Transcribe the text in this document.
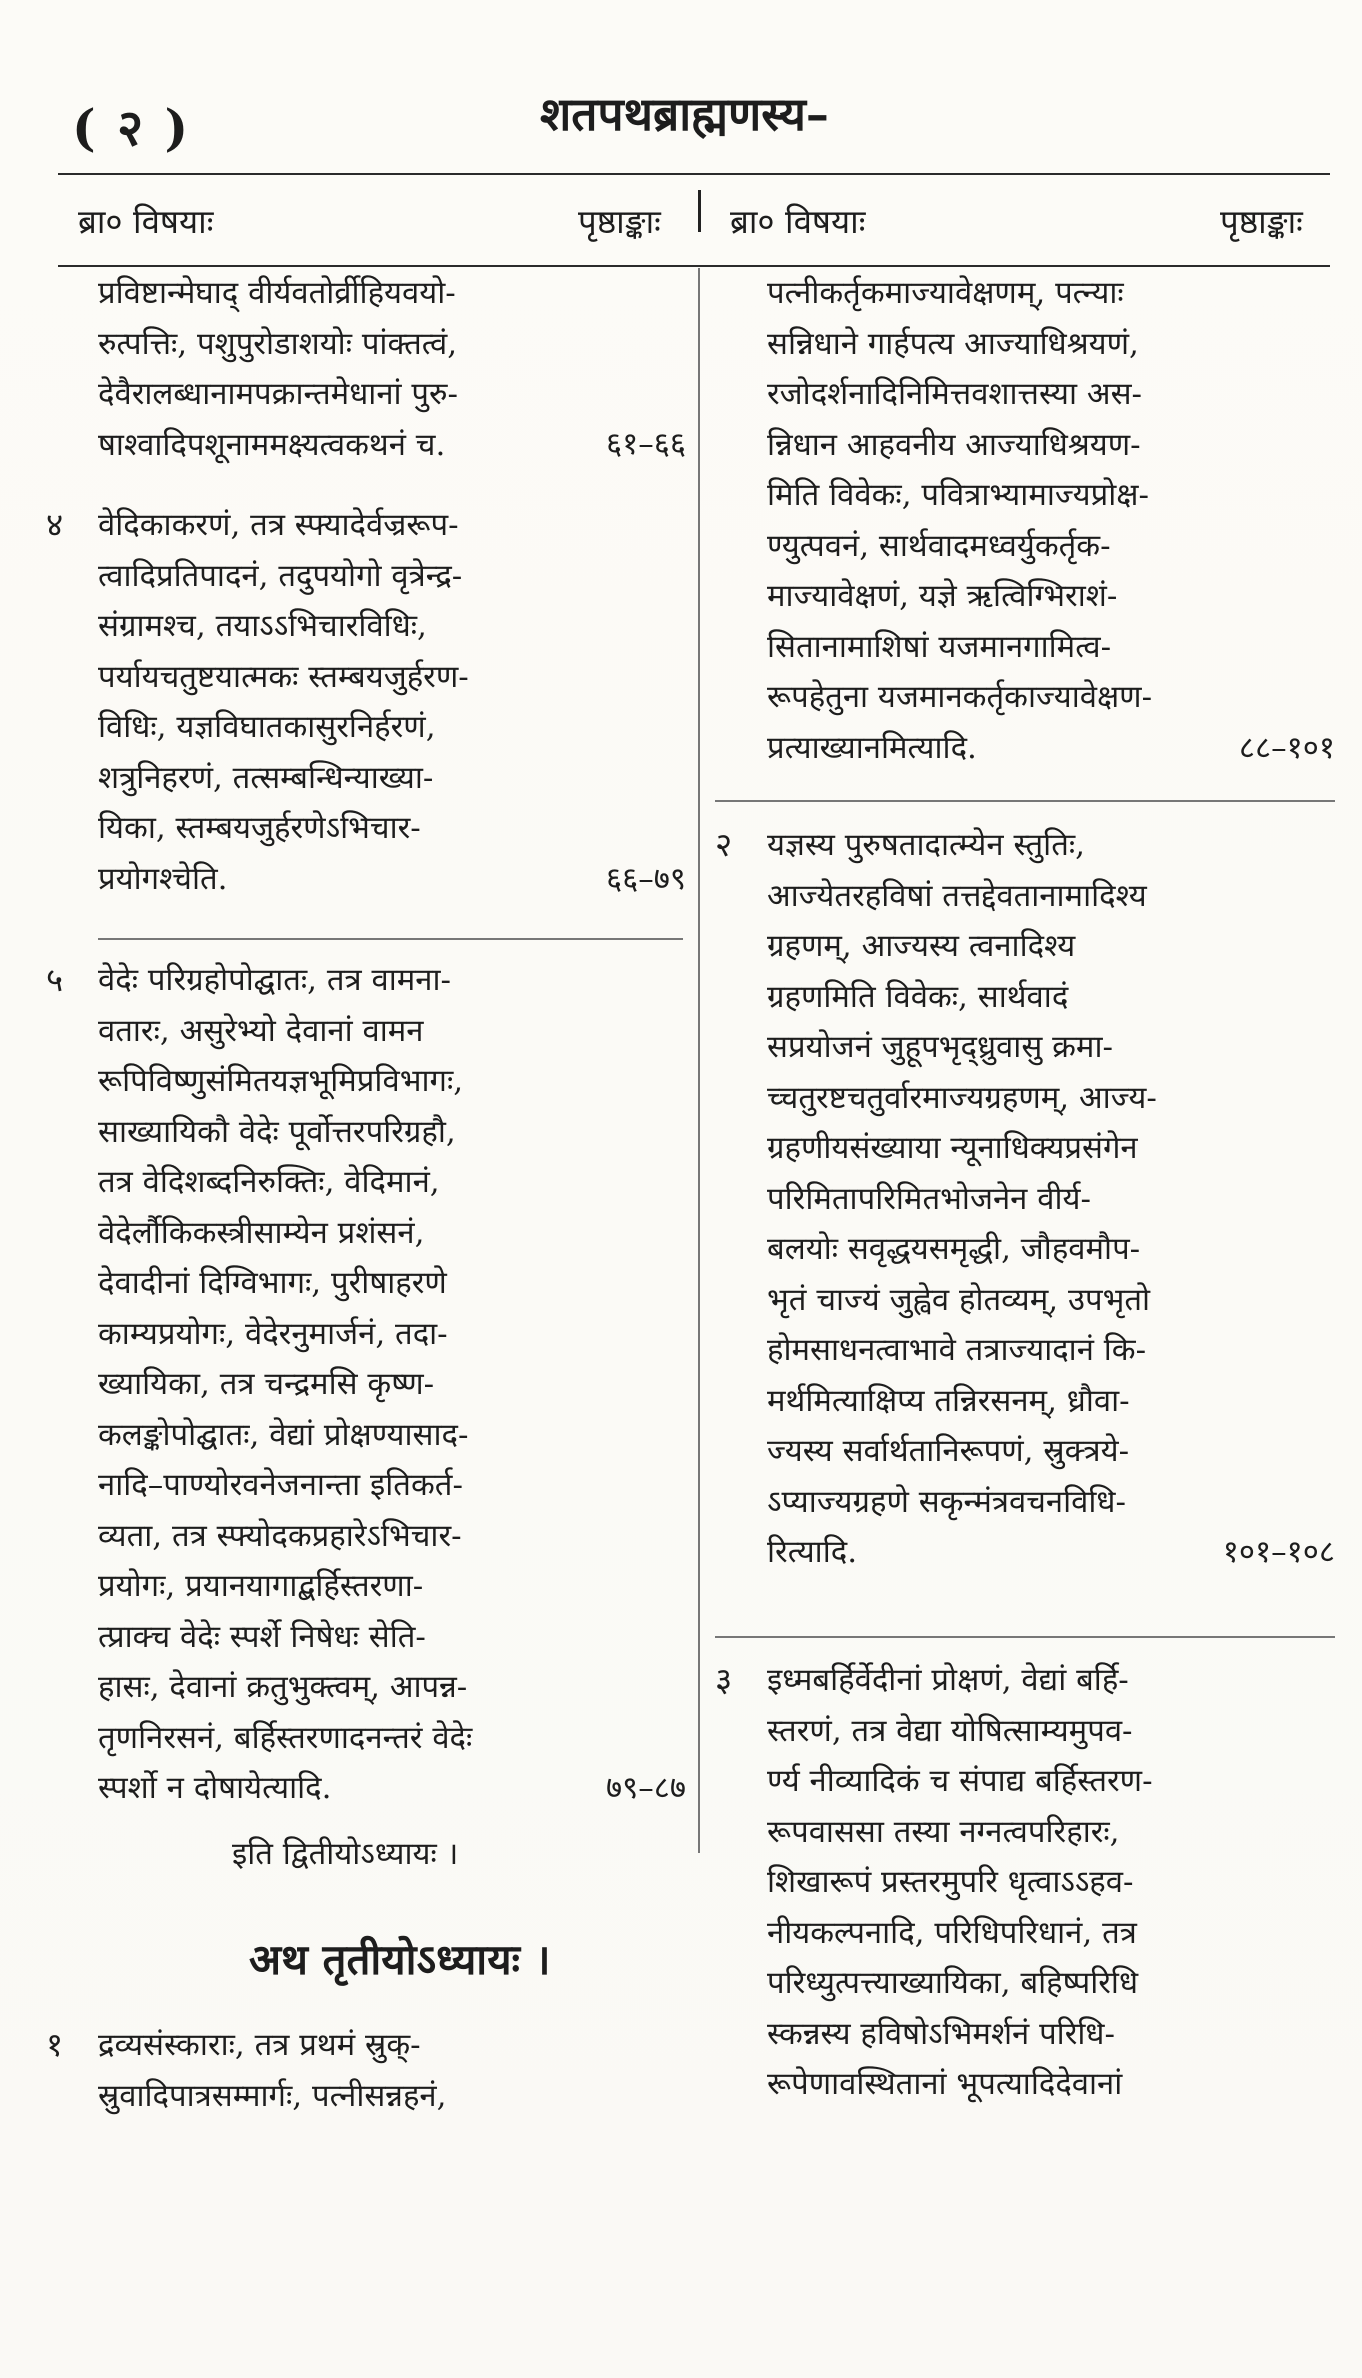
( २ )	शतपथब्राह्मणस्य–
ब्रा० विषयाः	पृष्ठाङ्काः ब्रा० विषयाः	पृष्ठाङ्काः
प्रविष्टान्मेघाद् वीर्यवतोर्व्रीहियवयो-
रुत्पत्तिः, पशुपुरोडाशयोः पांक्तत्वं,
देवैरालब्धानामपक्रान्तमेधानां पुरु-
षाश्वादिपशूनाममक्ष्यत्वकथनं च.	६१–६६
४	वेदिकाकरणं, तत्र स्फ्यादेर्वज्ररूप-
त्वादिप्रतिपादनं, तदुपयोगो वृत्रेन्द्र-
संग्रामश्च, तयाऽऽभिचारविधिः,
पर्यायचतुष्टयात्मकः स्तम्बयजुर्हरण-
विधिः, यज्ञविघातकासुरनिर्हरणं,
शत्रुनिहरणं, तत्सम्बन्धिन्याख्या-
यिका, स्तम्बयजुर्हरणेऽभिचार-
प्रयोगश्चेति.	६६–७९
५	वेदेः परिग्रहोपोद्घातः, तत्र वामना-
वतारः, असुरेभ्यो देवानां वामन
रूपिविष्णुसंमितयज्ञभूमिप्रविभागः,
साख्यायिकौ वेदेः पूर्वोत्तरपरिग्रहौ,
तत्र वेदिशब्दनिरुक्तिः, वेदिमानं,
वेदेर्लौकिकस्त्रीसाम्येन प्रशंसनं,
देवादीनां दिग्विभागः, पुरीषाहरणे
काम्यप्रयोगः, वेदेरनुमार्जनं, तदा-
ख्यायिका, तत्र चन्द्रमसि कृष्ण-
कलङ्कोपोद्घातः, वेद्यां प्रोक्षण्यासाद-
नादि–पाण्योरवनेजनान्ता इतिकर्त-
व्यता, तत्र स्फ्योदकप्रहारेऽभिचार-
प्रयोगः, प्रयानयागाद्बर्हिस्तरणा-
त्प्राक्च वेदेः स्पर्शे निषेधः सेति-
हासः, देवानां क्रतुभुक्त्वम्, आपन्न-
तृणनिरसनं, बर्हिस्तरणादनन्तरं वेदेः
स्पर्शो न दोषायेत्यादि.	७९–८७
इति द्वितीयोऽध्यायः ।
अथ तृतीयोऽध्यायः ।
१	द्रव्यसंस्काराः, तत्र प्रथमं स्रुक्-
स्रुवादिपात्रसम्मार्गः, पत्नीसन्नहनं,
पत्नीकर्तृकमाज्यावेक्षणम्, पत्न्याः
सन्निधाने गार्हपत्य आज्याधिश्रयणं,
रजोदर्शनादिनिमित्तवशात्तस्या अस-
न्निधान आहवनीय आज्याधिश्रयण-
मिति विवेकः, पवित्राभ्यामाज्यप्रोक्ष-
ण्युत्पवनं, सार्थवादमध्वर्युकर्तृक-
माज्यावेक्षणं, यज्ञे ऋत्विग्भिराशं-
सितानामाशिषां यजमानगामित्व-
रूपहेतुना यजमानकर्तृकाज्यावेक्षण-
प्रत्याख्यानमित्यादि.	८८–१०१
२	यज्ञस्य पुरुषतादात्म्येन स्तुतिः,
आज्येतरहविषां तत्तद्देवतानामादिश्य
ग्रहणम्, आज्यस्य त्वनादिश्य
ग्रहणमिति विवेकः, सार्थवादं
सप्रयोजनं जुहूपभृद्ध्रुवासु क्रमा-
च्चतुरष्टचतुर्वारमाज्यग्रहणम्, आज्य-
ग्रहणीयसंख्याया न्यूनाधिक्यप्रसंगेन
परिमितापरिमितभोजनेन वीर्य-
बलयोः सवृद्धयसमृद्धी, जौहवमौप-
भृतं चाज्यं जुह्वेव होतव्यम्, उपभृतो
होमसाधनत्वाभावे तत्राज्यादानं कि-
मर्थमित्याक्षिप्य तन्निरसनम्, ध्रौवा-
ज्यस्य सर्वार्थतानिरूपणं, स्रुक्त्रये-
ऽप्याज्यग्रहणे सकृन्मंत्रवचनविधि-
रित्यादि.	१०१–१०८
३	इध्मबर्हिर्वेदीनां प्रोक्षणं, वेद्यां बर्हि-
स्तरणं, तत्र वेद्या योषित्साम्यमुपव-
र्ण्य नीव्यादिकं च संपाद्य बर्हिस्तरण-
रूपवाससा तस्या नग्नत्वपरिहारः,
शिखारूपं प्रस्तरमुपरि धृत्वाऽऽहव-
नीयकल्पनादि, परिधिपरिधानं, तत्र
परिध्युत्पत्त्याख्यायिका, बहिष्परिधि
स्कन्नस्य हविषोऽभिमर्शनं परिधि-
रूपेणावस्थितानां भूपत्यादिदेवानां
